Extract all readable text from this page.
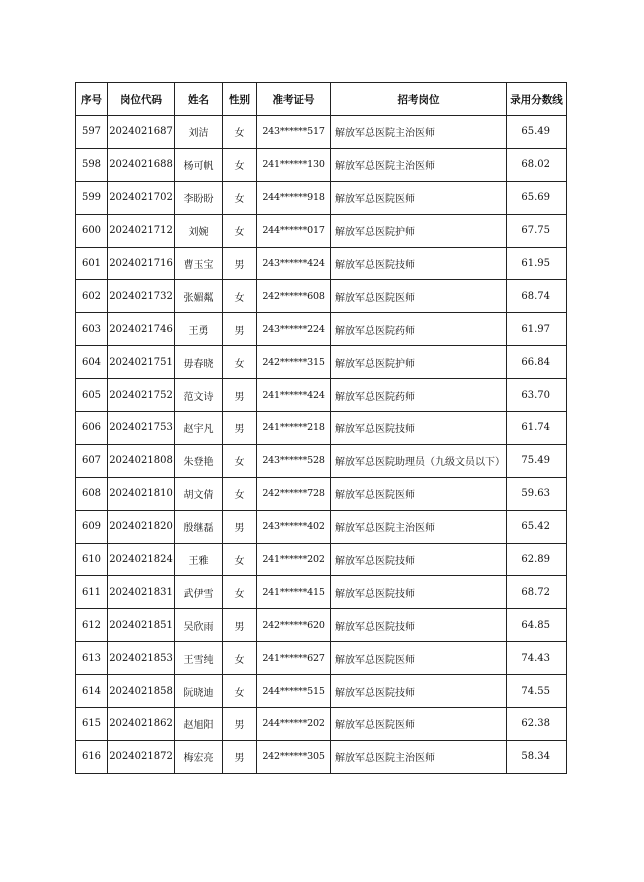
序号	岗位代码	姓名	性别	准考证号	招考岗位	录用分数线
597	2024021687	刘洁	女	243******517	解放军总医院主治医师	65.49
598	2024021688	杨可帆	女	241******130	解放军总医院主治医师	68.02
599	2024021702	李盼盼	女	244******918	解放军总医院医师	65.69
600	2024021712	刘婉	女	244******017	解放军总医院护师	67.75
601	2024021716	曹玉宝	男	243******424	解放军总医院技师	61.95
602	2024021732	张媚粼	女	242******608	解放军总医院医师	68.74
603	2024021746	王勇	男	243******224	解放军总医院药师	61.97
604	2024021751	毋春晓	女	242******315	解放军总医院护师	66.84
605	2024021752	范文诗	男	241******424	解放军总医院药师	63.70
606	2024021753	赵宇凡	男	241******218	解放军总医院技师	61.74
607	2024021808	朱登艳	女	243******528	解放军总医院助理员（九级文员以下）	75.49
608	2024021810	胡文倩	女	242******728	解放军总医院医师	59.63
609	2024021820	殷继磊	男	243******402	解放军总医院主治医师	65.42
610	2024021824	王雅	女	241******202	解放军总医院技师	62.89
611	2024021831	武伊雪	女	241******415	解放军总医院技师	68.72
612	2024021851	吴欣雨	男	242******620	解放军总医院技师	64.85
613	2024021853	王雪纯	女	241******627	解放军总医院医师	74.43
614	2024021858	阮晓迪	女	244******515	解放军总医院技师	74.55
615	2024021862	赵旭阳	男	244******202	解放军总医院医师	62.38
616	2024021872	梅宏亮	男	242******305	解放军总医院主治医师	58.34
